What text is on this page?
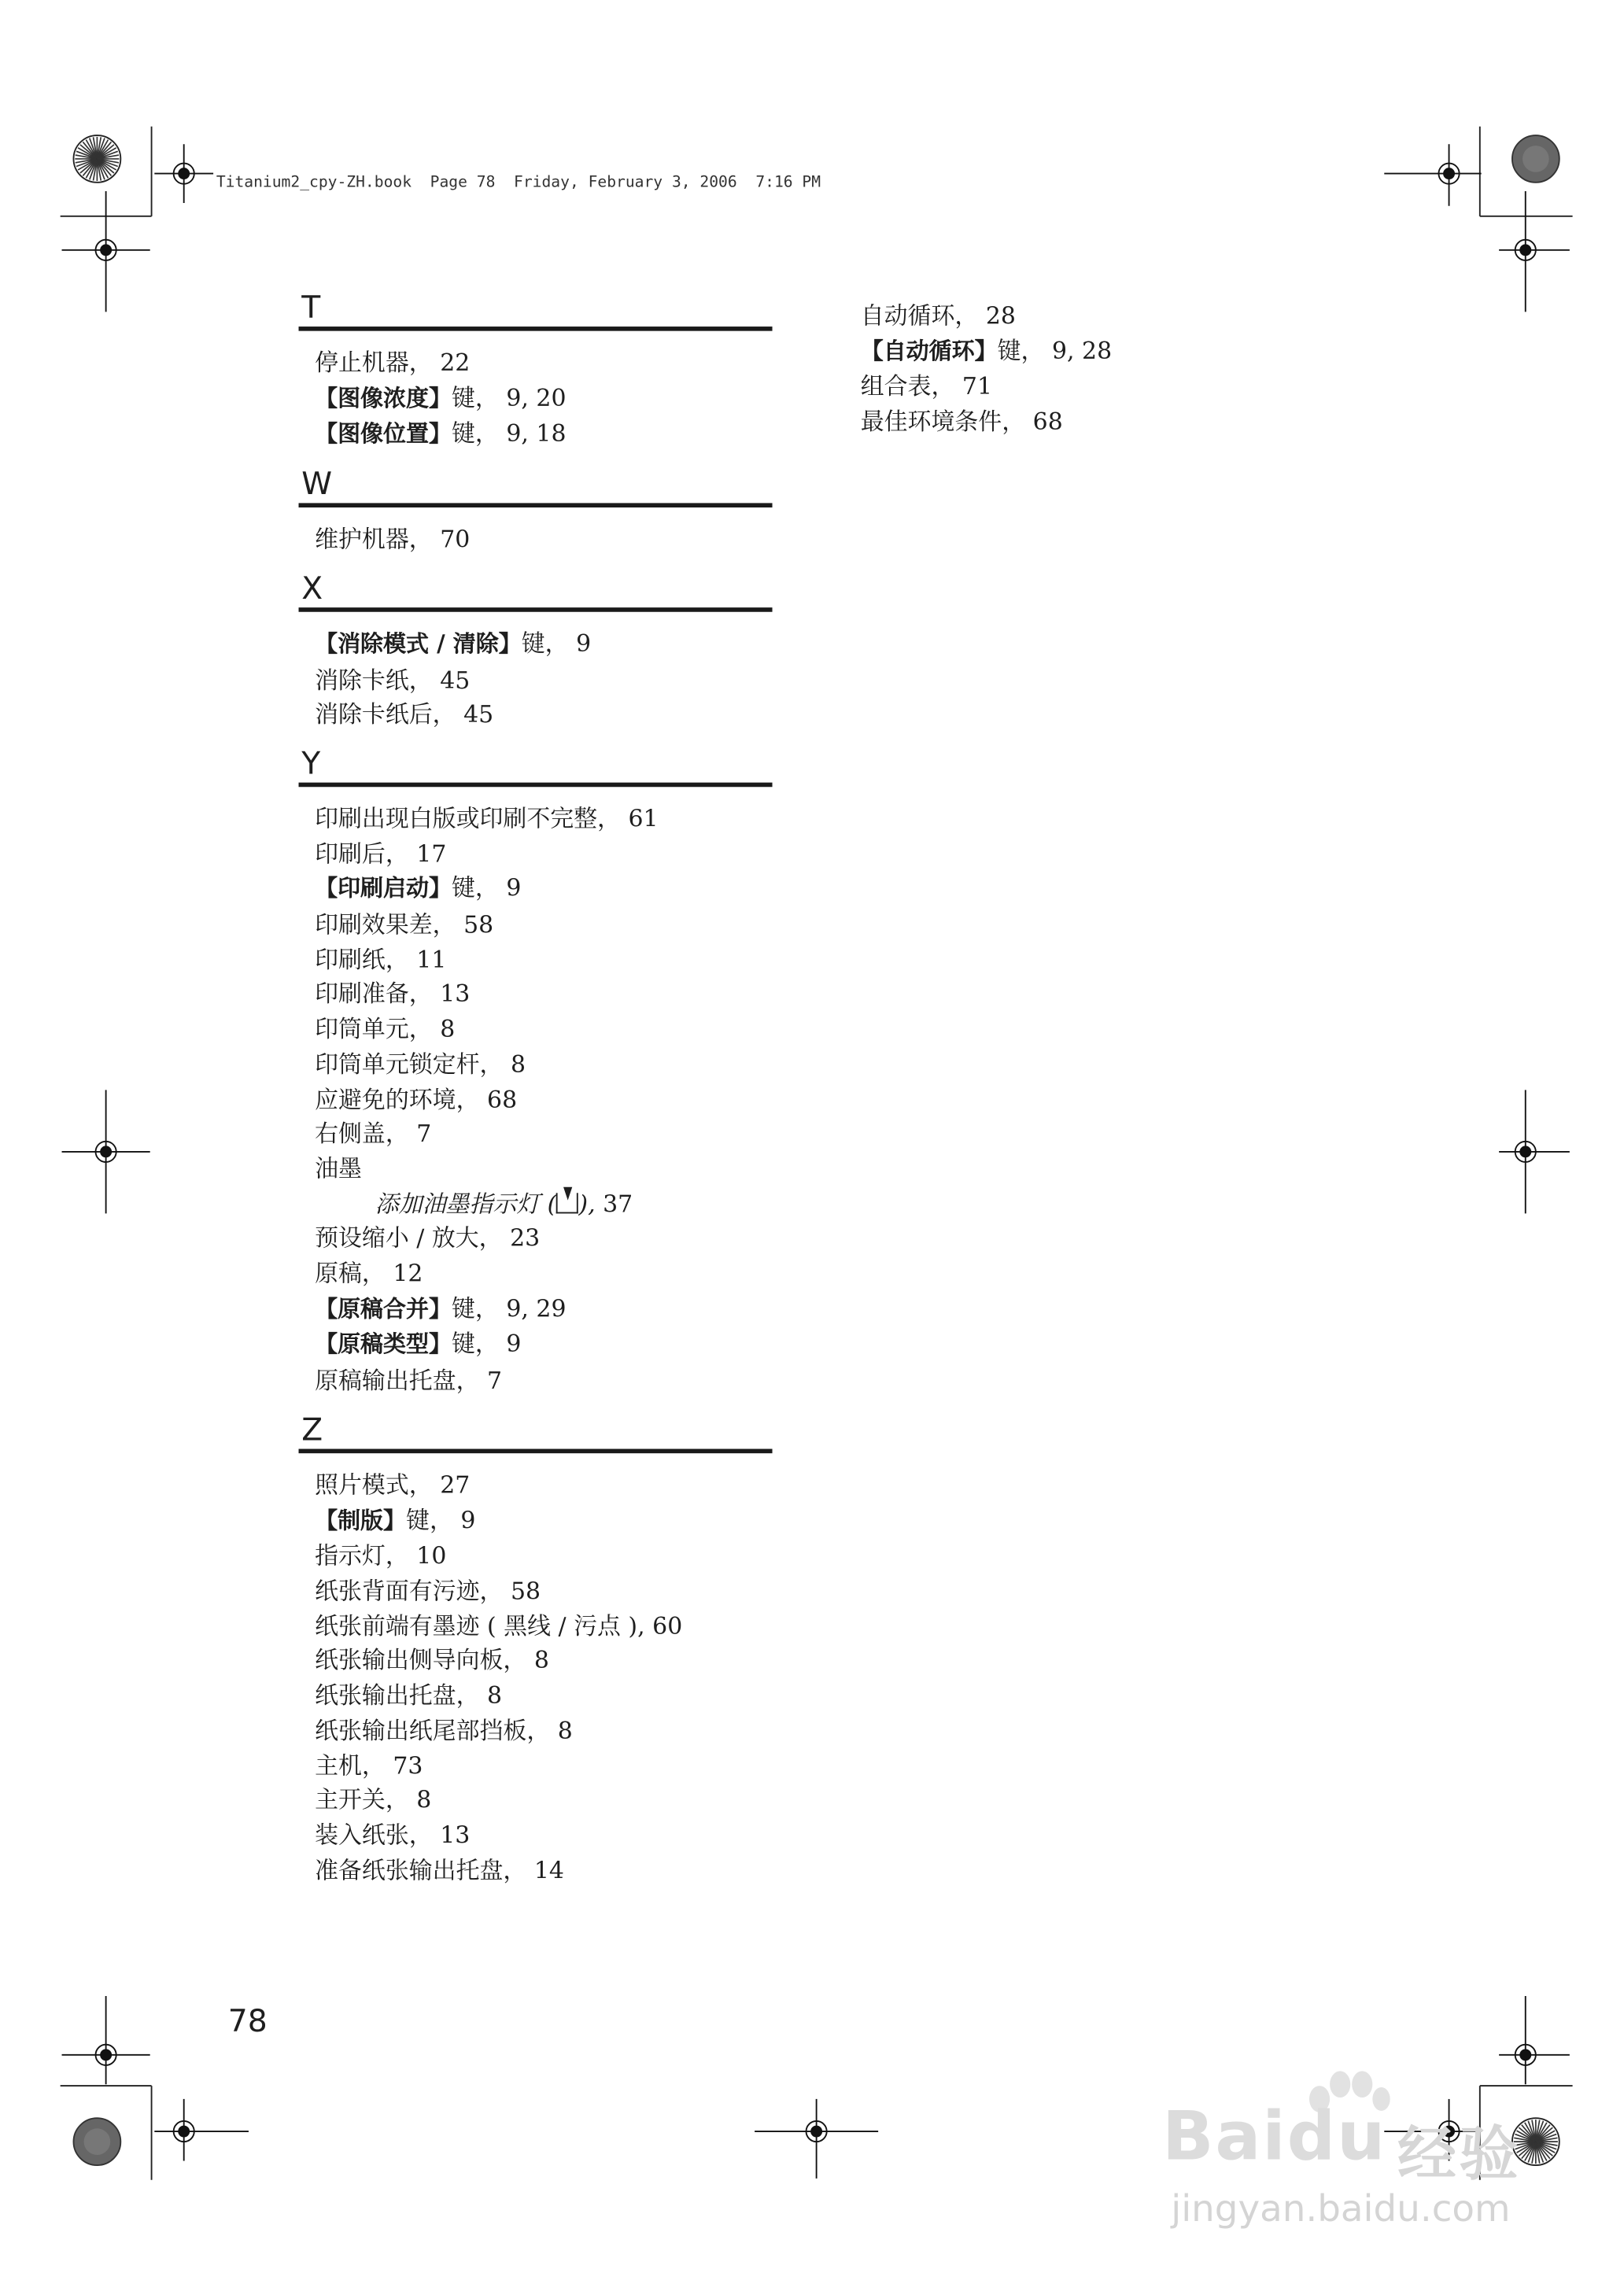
Titanium2_cpy-ZH.book  Page 78  Friday, February 3, 2006  7:16 PM
T
停止机器， 22
【图像浓度】键， 9, 20
【图像位置】键， 9, 18
W
维护机器， 70
X
【消除模式 / 清除】键， 9
消除卡纸， 45
消除卡纸后， 45
Y
印刷出现白版或印刷不完整， 61
印刷后， 17
【印刷启动】键， 9
印刷效果差， 58
印刷纸， 11
印刷准备， 13
印筒单元， 8
印筒单元锁定杆， 8
应避免的环境， 68
右侧盖， 7
油墨
添加油墨指示灯 ( ), 37
预设缩小 / 放大， 23
原稿， 12
【原稿合并】键， 9, 29
【原稿类型】键， 9
原稿输出托盘， 7
Z
照片模式， 27
【制版】键， 9
指示灯， 10
纸张背面有污迹， 58
纸张前端有墨迹 ( 黑线 / 污点 ), 60
纸张输出侧导向板， 8
纸张输出托盘， 8
纸张输出纸尾部挡板， 8
主机， 73
主开关， 8
装入纸张， 13
准备纸张输出托盘， 14
自动循环， 28
【自动循环】键， 9, 28
组合表， 71
最佳环境条件， 68
78
Baidu 经验
jingyan.baidu.com
